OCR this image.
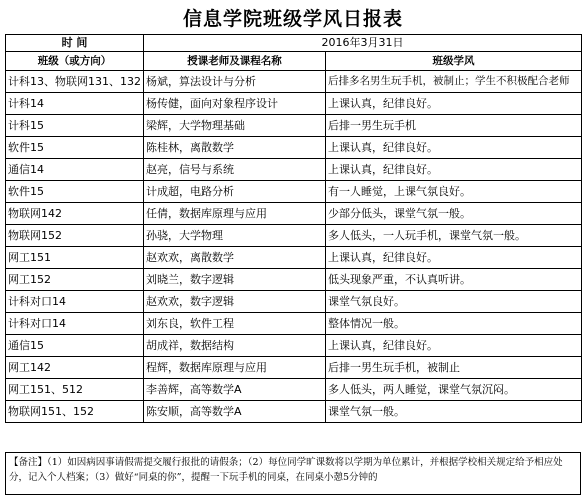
信息学院班级学风日报表
时 间	2016年3月31日	
班级（或方向）	授课老师及课程名称	班级学风
计科13、物联网131、132	杨斌，算法设计与分析	后排多名男生玩手机，被制止；学生不积极配合老师
计科14	杨传健，面向对象程序设计	上课认真，纪律良好。
计科15	梁辉，大学物理基础	后排一男生玩手机
软件15	陈桂林，离散数学	上课认真，纪律良好。
通信14	赵亮，信号与系统	上课认真，纪律良好。
软件15	计成超，电路分析	有一人睡觉，上课气氛良好。
物联网142	任倩，数据库原理与应用	少部分低头，课堂气氛一般。
物联网152	孙骁，大学物理	多人低头，一人玩手机，课堂气氛一般。
网工151	赵欢欢，离散数学	上课认真，纪律良好。
网工152	刘晓兰，数字逻辑	低头现象严重，不认真听讲。
计科对口14	赵欢欢，数字逻辑	课堂气氛良好。
计科对口14	刘东良，软件工程	整体情况一般。
通信15	胡成祥，数据结构	上课认真，纪律良好。
网工142	程辉，数据库原理与应用	后排一男生玩手机，被制止
网工151、512	李善辉，高等数学A	多人低头，两人睡觉，课堂气氛沉闷。
物联网151、152	陈安顺，高等数学A	课堂气氛一般。
【备注】（1）如因病因事请假需提交履行报批的请假条；（2）每位同学旷课数将以学期为单位累计，并根据学校相关规定给予相应处分，记入个人档案；（3）做好“同桌的你”，提醒一下玩手机的同桌，在同桌小憩5分钟的
